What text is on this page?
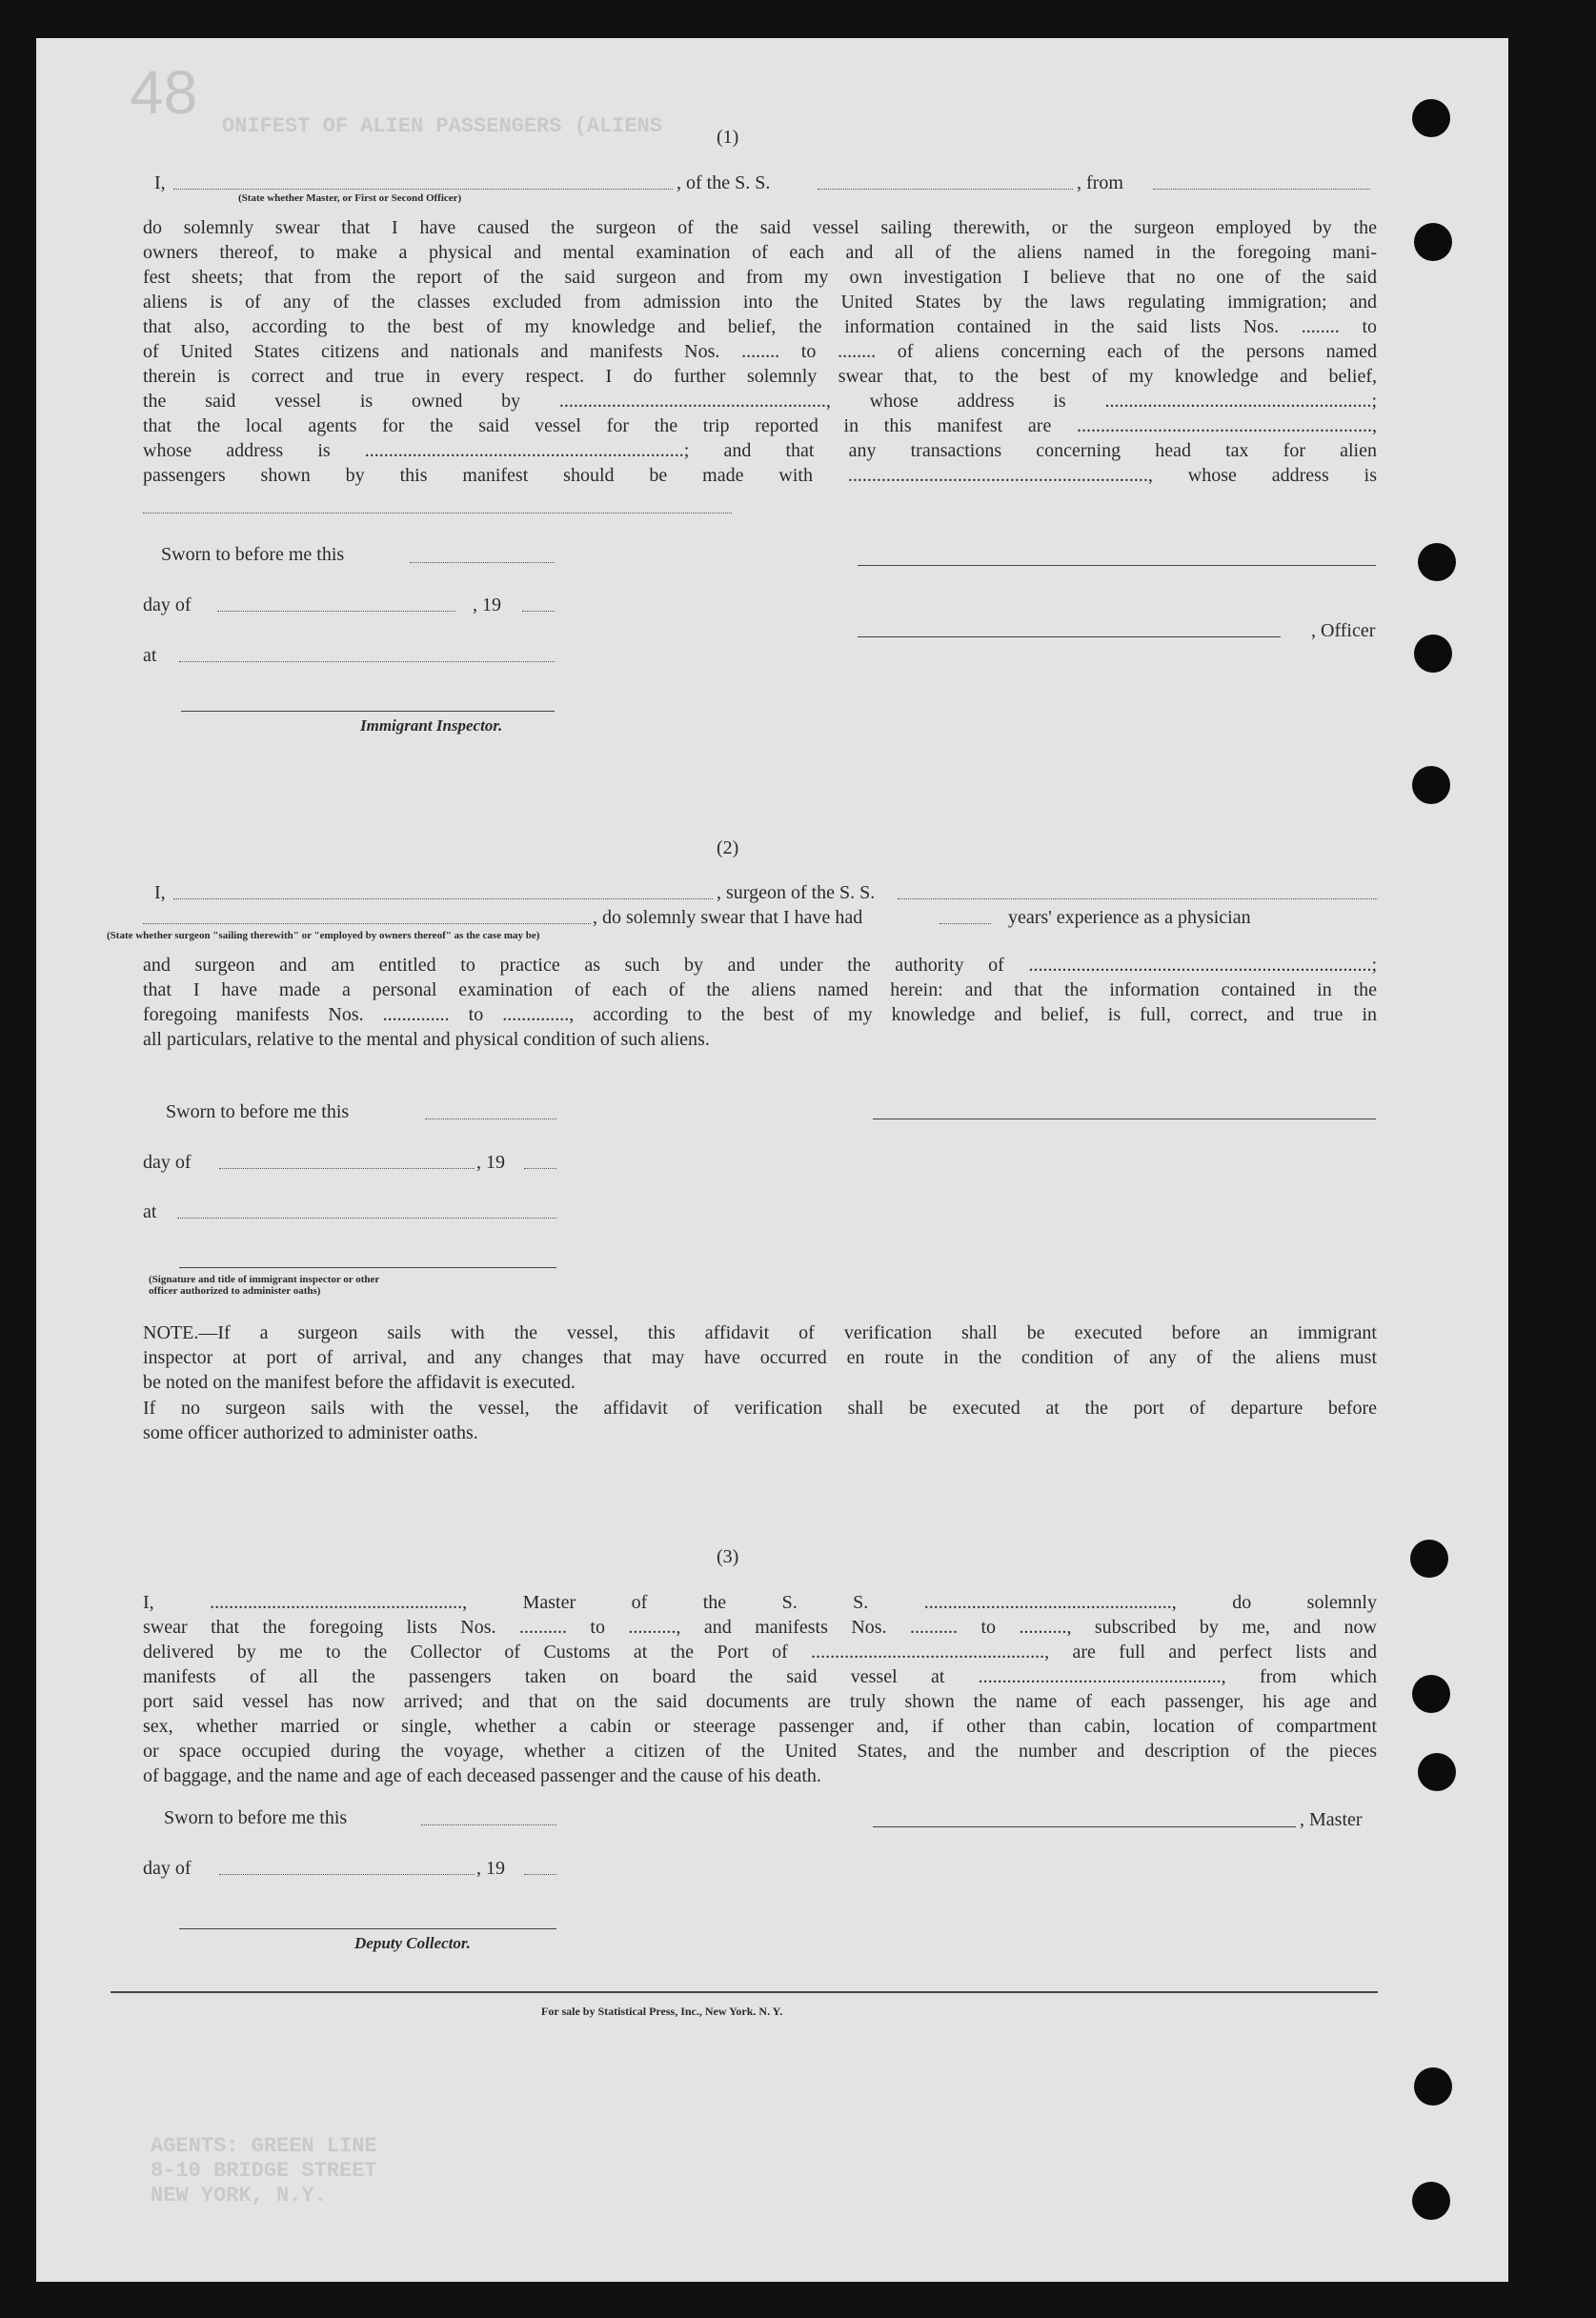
48 ONIFEST OF ALIEN PASSENGERS (ALIENS
AGENTS: GREEN LINE
8-10 BRIDGE STREET
NEW YORK, N.Y.
(1)
I,
(State whether Master, or First or Second Officer)
, of the S. S.	, from
do solemnly swear that I have caused the surgeon of the said vessel sailing therewith, or the surgeon employed by the
owners thereof, to make a physical and mental examination of each and all of the aliens named in the foregoing mani-
fest sheets; that from the report of the said surgeon and from my own investigation I believe that no one of the said
aliens is of any of the classes excluded from admission into the United States by the laws regulating immigration; and
that also, according to the best of my knowledge and belief, the information contained in the said lists Nos. ........ to
of United States citizens and nationals and manifests Nos. ........ to ........ of aliens concerning each of the persons named
therein is correct and true in every respect. I do further solemnly swear that, to the best of my knowledge and belief,
the said vessel is owned by ........................................................, whose address is ........................................................;
that the local agents for the said vessel for the trip reported in this manifest are ..............................................................,
whose address is ...................................................................; and that any transactions concerning head tax for alien
passengers shown by this manifest should be made with ..............................................................., whose address is
Sworn to before me this
day of	, 19
, Officer
at
Immigrant Inspector.
(2)
I,	, surgeon of the S. S.
, do solemnly swear that I have had	years' experience as a physician
(State whether surgeon "sailing therewith" or "employed by owners thereof" as the case may be)
and surgeon and am entitled to practice as such by and under the authority of ........................................................................;
that I have made a personal examination of each of the aliens named herein: and that the information contained in the
foregoing manifests Nos. .............. to .............., according to the best of my knowledge and belief, is full, correct, and true in
all particulars, relative to the mental and physical condition of such aliens.
Sworn to before me this
day of	, 19
at
(Signature and title of immigrant inspector or other officer authorized to administer oaths)
NOTE.—If a surgeon sails with the vessel, this affidavit of verification shall be executed before an immigrant
inspector at port of arrival, and any changes that may have occurred en route in the condition of any of the aliens must
be noted on the manifest before the affidavit is executed.
If no surgeon sails with the vessel, the affidavit of verification shall be executed at the port of departure before
some officer authorized to administer oaths.
(3)
I, ....................................................., Master of the S. S. ...................................................., do solemnly
swear that the foregoing lists Nos. .......... to .........., and manifests Nos. .......... to .........., subscribed by me, and now
delivered by me to the Collector of Customs at the Port of ................................................., are full and perfect lists and
manifests of all the passengers taken on board the said vessel at ..................................................., from which
port said vessel has now arrived; and that on the said documents are truly shown the name of each passenger, his age and
sex, whether married or single, whether a cabin or steerage passenger and, if other than cabin, location of compartment
or space occupied during the voyage, whether a citizen of the United States, and the number and description of the pieces
of baggage, and the name and age of each deceased passenger and the cause of his death.
Sworn to before me this	, Master
day of	, 19
Deputy Collector.
For sale by Statistical Press, Inc., New York. N. Y.
